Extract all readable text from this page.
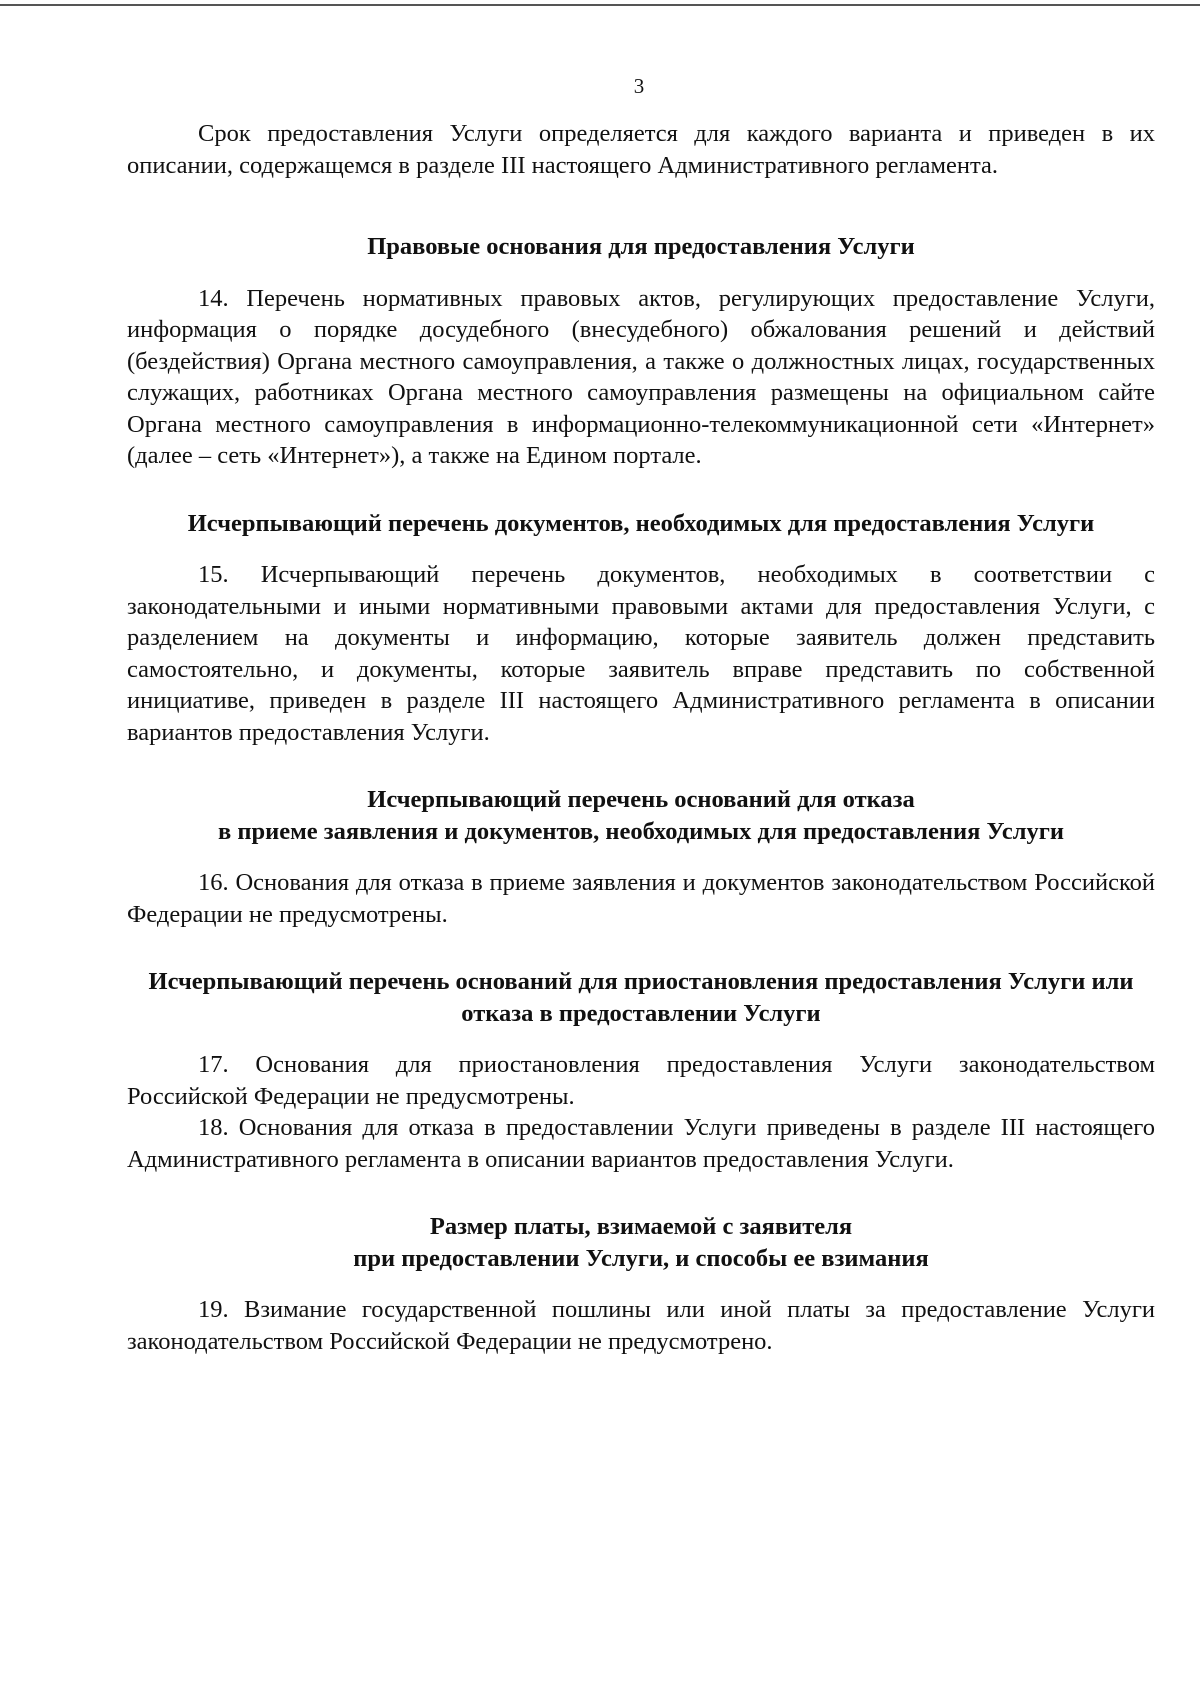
3

Срок предоставления Услуги определяется для каждого варианта и приведен в их описании, содержащемся в разделе III настоящего Административного регламента.

Правовые основания для предоставления Услуги

14. Перечень нормативных правовых актов, регулирующих предоставление Услуги, информация о порядке досудебного (внесудебного) обжалования решений и действий (бездействия) Органа местного самоуправления, а также о должностных лицах, государственных служащих, работниках Органа местного самоуправления размещены на официальном сайте Органа местного самоуправления в информационно-телекоммуникационной сети «Интернет» (далее – сеть «Интернет»), а также на Едином портале.

Исчерпывающий перечень документов, необходимых для предоставления Услуги

15. Исчерпывающий перечень документов, необходимых в соответствии с законодательными и иными нормативными правовыми актами для предоставления Услуги, с разделением на документы и информацию, которые заявитель должен представить самостоятельно, и документы, которые заявитель вправе представить по собственной инициативе, приведен в разделе III настоящего Административного регламента в описании вариантов предоставления Услуги.

Исчерпывающий перечень оснований для отказа
в приеме заявления и документов, необходимых для предоставления Услуги

16. Основания для отказа в приеме заявления и документов законодательством Российской Федерации не предусмотрены.

Исчерпывающий перечень оснований для приостановления предоставления Услуги или отказа в предоставлении Услуги

17. Основания для приостановления предоставления Услуги законодательством Российской Федерации не предусмотрены.

18. Основания для отказа в предоставлении Услуги приведены в разделе III настоящего Административного регламента в описании вариантов предоставления Услуги.

Размер платы, взимаемой с заявителя
при предоставлении Услуги, и способы ее взимания

19. Взимание государственной пошлины или иной платы за предоставление Услуги законодательством Российской Федерации не предусмотрено.
